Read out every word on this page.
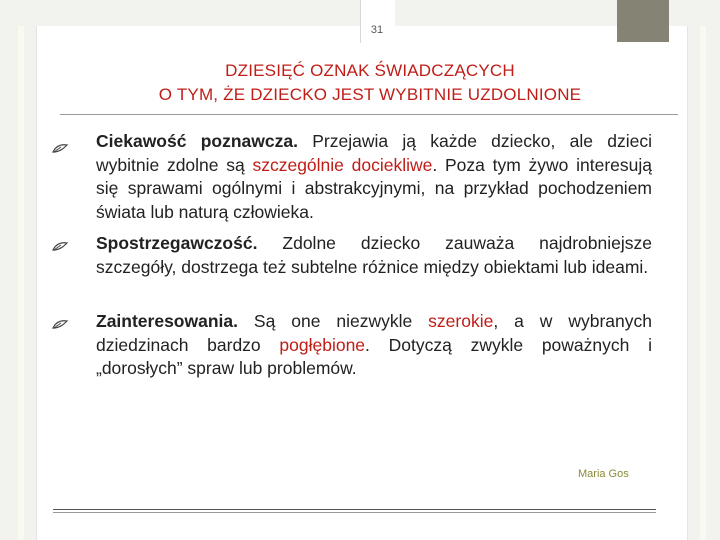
31
DZIESIĘĆ OZNAK ŚWIADCZĄCYCH
O TYM, ŻE DZIECKO JEST WYBITNIE UZDOLNIONE
Ciekawość poznawcza. Przejawia ją każde dziecko, ale dzieci wybitnie zdolne są szczególnie dociekliwe. Poza tym żywo interesują się sprawami ogólnymi i abstrakcyjnymi, na przykład pochodzeniem świata lub naturą człowieka.
Spostrzegawczość. Zdolne dziecko zauważa najdrobniejsze szczegóły, dostrzega też subtelne różnice między obiektami lub ideami.
Zainteresowania. Są one niezwykle szerokie, a w wybranych dziedzinach bardzo pogłębione. Dotyczą zwykle poważnych i „dorosłych” spraw lub problemów.
Maria Gos
